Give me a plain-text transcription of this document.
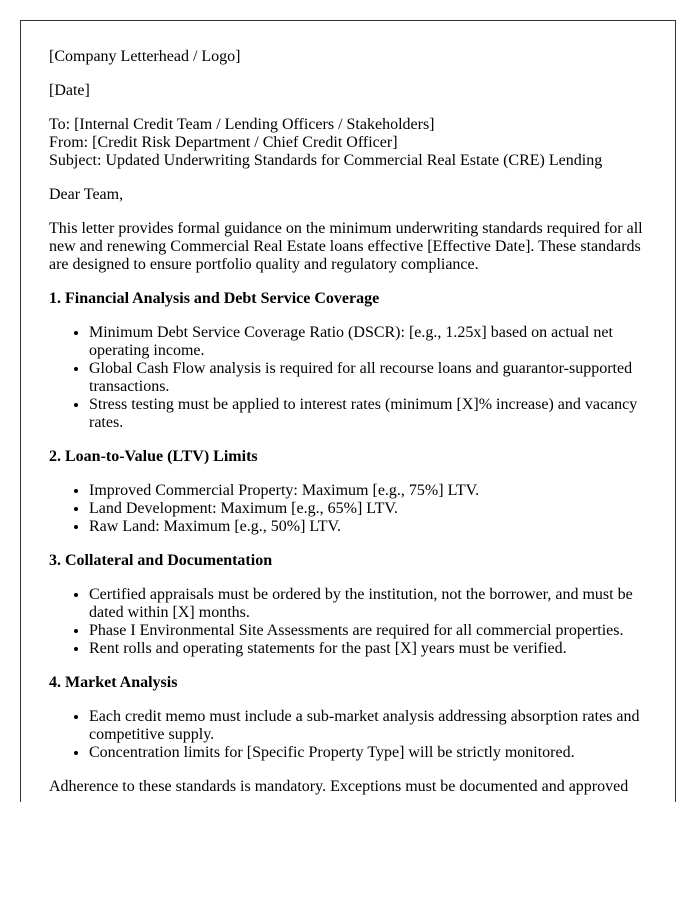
[Company Letterhead / Logo]

[Date]

To: [Internal Credit Team / Lending Officers / Stakeholders]

From: [Credit Risk Department / Chief Credit Officer]

Subject: Updated Underwriting Standards for Commercial Real Estate (CRE) Lending

Dear Team,

This letter provides formal guidance on the minimum underwriting standards required for all new and renewing Commercial Real Estate loans effective [Effective Date]. These standards are designed to ensure portfolio quality and regulatory compliance.

1. Financial Analysis and Debt Service Coverage

• Minimum Debt Service Coverage Ratio (DSCR): [e.g., 1.25x] based on actual net operating income.
• Global Cash Flow analysis is required for all recourse loans and guarantor-supported transactions.
• Stress testing must be applied to interest rates (minimum [X]% increase) and vacancy rates.

2. Loan-to-Value (LTV) Limits

• Improved Commercial Property: Maximum [e.g., 75%] LTV.
• Land Development: Maximum [e.g., 65%] LTV.
• Raw Land: Maximum [e.g., 50%] LTV.

3. Collateral and Documentation

• Certified appraisals must be ordered by the institution, not the borrower, and must be dated within [X] months.
• Phase I Environmental Site Assessments are required for all commercial properties.
• Rent rolls and operating statements for the past [X] years must be verified.

4. Market Analysis

• Each credit memo must include a sub-market analysis addressing absorption rates and competitive supply.
• Concentration limits for [Specific Property Type] will be strictly monitored.

Adherence to these standards is mandatory. Exceptions must be documented and approved
